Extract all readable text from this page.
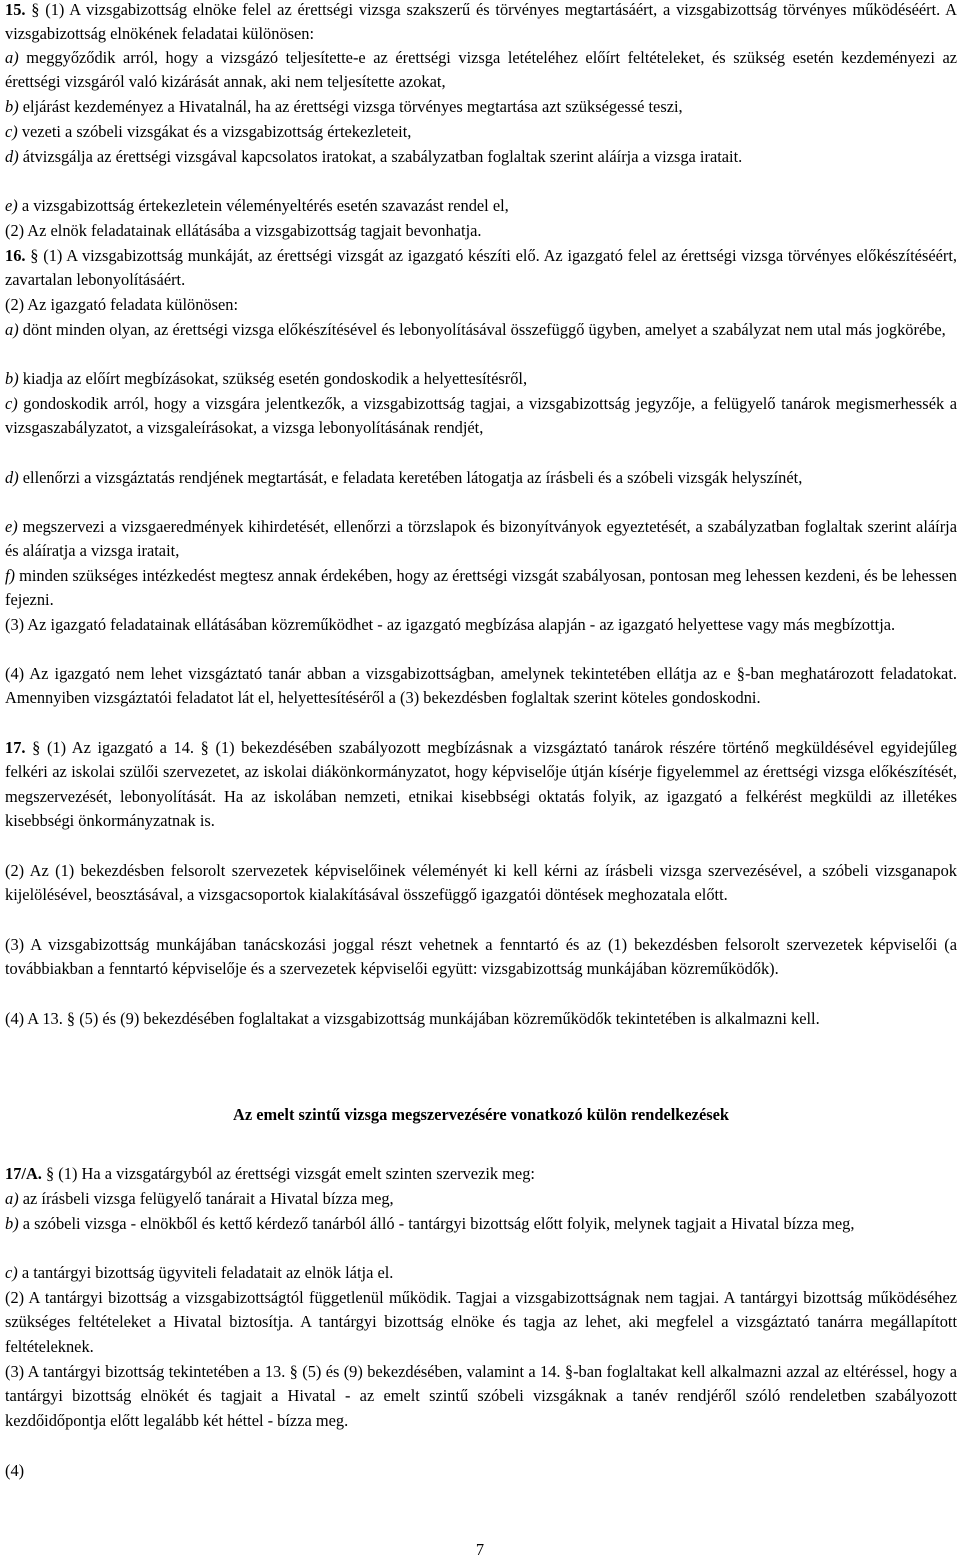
15. § (1) A vizsgabizottság elnöke felel az érettségi vizsga szakszerű és törvényes megtartásáért, a vizsgabizottság törvényes működéséért. A vizsgabizottság elnökének feladatai különösen:

a) meggyőződik arról, hogy a vizsgázó teljesítette-e az érettségi vizsga letételéhez előírt feltételeket, és szükség esetén kezdeményezi az érettségi vizsgáról való kizárását annak, aki nem teljesítette azokat,

b) eljárást kezdeményez a Hivatalnál, ha az érettségi vizsga törvényes megtartása azt szükségessé teszi,

c) vezeti a szóbeli vizsgákat és a vizsgabizottság értekezleteit,

d) átvizsgálja az érettségi vizsgával kapcsolatos iratokat, a szabályzatban foglaltak szerint aláírja a vizsga iratait.

e) a vizsgabizottság értekezletein véleményeltérés esetén szavazást rendel el,

(2) Az elnök feladatainak ellátásába a vizsgabizottság tagjait bevonhatja.

16. § (1) A vizsgabizottság munkáját, az érettségi vizsgát az igazgató készíti elő. Az igazgató felel az érettségi vizsga törvényes előkészítéséért, zavartalan lebonyolításáért.

(2) Az igazgató feladata különösen:

a) dönt minden olyan, az érettségi vizsga előkészítésével és lebonyolításával összefüggő ügyben, amelyet a szabályzat nem utal más jogkörébe,

b) kiadja az előírt megbízásokat, szükség esetén gondoskodik a helyettesítésről,

c) gondoskodik arról, hogy a vizsgára jelentkezők, a vizsgabizottság tagjai, a vizsgabizottság jegyzője, a felügyelő tanárok megismerhessék a vizsgaszabályzatot, a vizsgaleírásokat, a vizsga lebonyolításának rendjét,

d) ellenőrzi a vizsgáztatás rendjének megtartását, e feladata keretében látogatja az írásbeli és a szóbeli vizsgák helyszínét,

e) megszervezi a vizsgaeredmények kihirdetését, ellenőrzi a törzslapok és bizonyítványok egyeztetését, a szabályzatban foglaltak szerint aláírja és aláíratja a vizsga iratait,

f) minden szükséges intézkedést megtesz annak érdekében, hogy az érettségi vizsgát szabályosan, pontosan meg lehessen kezdeni, és be lehessen fejezni.

(3) Az igazgató feladatainak ellátásában közreműködhet - az igazgató megbízása alapján - az igazgató helyettese vagy más megbízottja.

(4) Az igazgató nem lehet vizsgáztató tanár abban a vizsgabizottságban, amelynek tekintetében ellátja az e §-ban meghatározott feladatokat. Amennyiben vizsgáztatói feladatot lát el, helyettesítéséről a (3) bekezdésben foglaltak szerint köteles gondoskodni.

17. § (1) Az igazgató a 14. § (1) bekezdésében szabályozott megbízásnak a vizsgáztató tanárok részére történő megküldésével egyidejűleg felkéri az iskolai szülői szervezetet, az iskolai diákönkormányzatot, hogy képviselője útján kísérje figyelemmel az érettségi vizsga előkészítését, megszervezését, lebonyolítását. Ha az iskolában nemzeti, etnikai kisebbségi oktatás folyik, az igazgató a felkérést megküldi az illetékes kisebbségi önkormányzatnak is.

(2) Az (1) bekezdésben felsorolt szervezetek képviselőinek véleményét ki kell kérni az írásbeli vizsga szervezésével, a szóbeli vizsganapok kijelölésével, beosztásával, a vizsgacsoportok kialakításával összefüggő igazgatói döntések meghozatala előtt.

(3) A vizsgabizottság munkájában tanácskozási joggal részt vehetnek a fenntartó és az (1) bekezdésben felsorolt szervezetek képviselői (a továbbiakban a fenntartó képviselője és a szervezetek képviselői együtt: vizsgabizottság munkájában közreműködők).

(4) A 13. § (5) és (9) bekezdésében foglaltakat a vizsgabizottság munkájában közreműködők tekintetében is alkalmazni kell.

Az emelt szintű vizsga megszervezésére vonatkozó külön rendelkezések

17/A. § (1) Ha a vizsgatárgyból az érettségi vizsgát emelt szinten szervezik meg:

a) az írásbeli vizsga felügyelő tanárait a Hivatal bízza meg,

b) a szóbeli vizsga - elnökből és kettő kérdező tanárból álló - tantárgyi bizottság előtt folyik, melynek tagjait a Hivatal bízza meg,

c) a tantárgyi bizottság ügyviteli feladatait az elnök látja el.

(2) A tantárgyi bizottság a vizsgabizottságtól függetlenül működik. Tagjai a vizsgabizottságnak nem tagjai. A tantárgyi bizottság működéséhez szükséges feltételeket a Hivatal biztosítja. A tantárgyi bizottság elnöke és tagja az lehet, aki megfelel a vizsgáztató tanárra megállapított feltételeknek.

(3) A tantárgyi bizottság tekintetében a 13. § (5) és (9) bekezdésében, valamint a 14. §-ban foglaltakat kell alkalmazni azzal az eltéréssel, hogy a tantárgyi bizottság elnökét és tagjait a Hivatal - az emelt szintű szóbeli vizsgáknak a tanév rendjéről szóló rendeletben szabályozott kezdőidőpontja előtt legalább két héttel - bízza meg.

(4)

7
